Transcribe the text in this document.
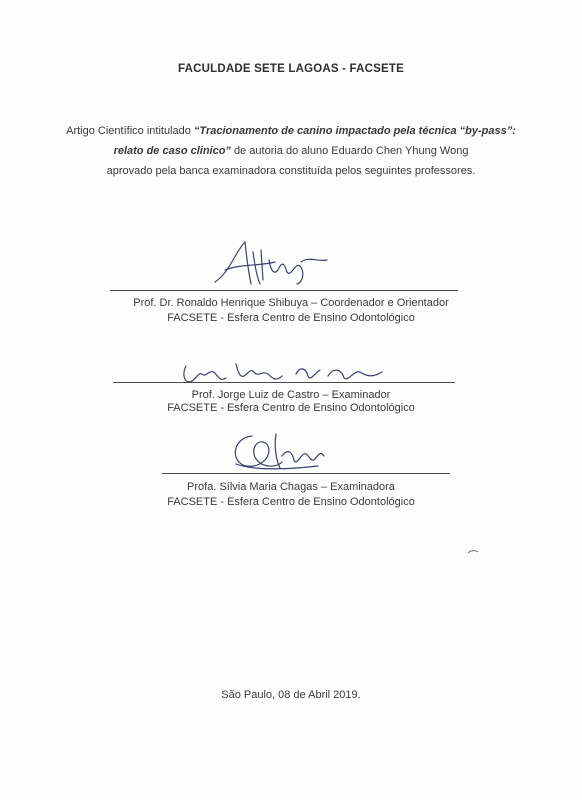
FACULDADE SETE LAGOAS - FACSETE
Artigo Científico intitulado “Tracionamento de canino impactado pela técnica “by-pass”: relato de caso clinico” de autoria do aluno Eduardo Chen Yhung Wong
aprovado pela banca examinadora constituída pelos seguintes professores.
Prof. Dr. Ronaldo Henrique Shibuya – Coordenador e Orientador
FACSETE - Esfera Centro de Ensino Odontológico
Prof. Jorge Luiz de Castro – Examinador
FACSETE - Esfera Centro de Ensino Odontológico
Profa. Sílvia Maria Chagas – Examinadora
FACSETE - Esfera Centro de Ensino Odontológico
São Paulo, 08 de Abril 2019.
